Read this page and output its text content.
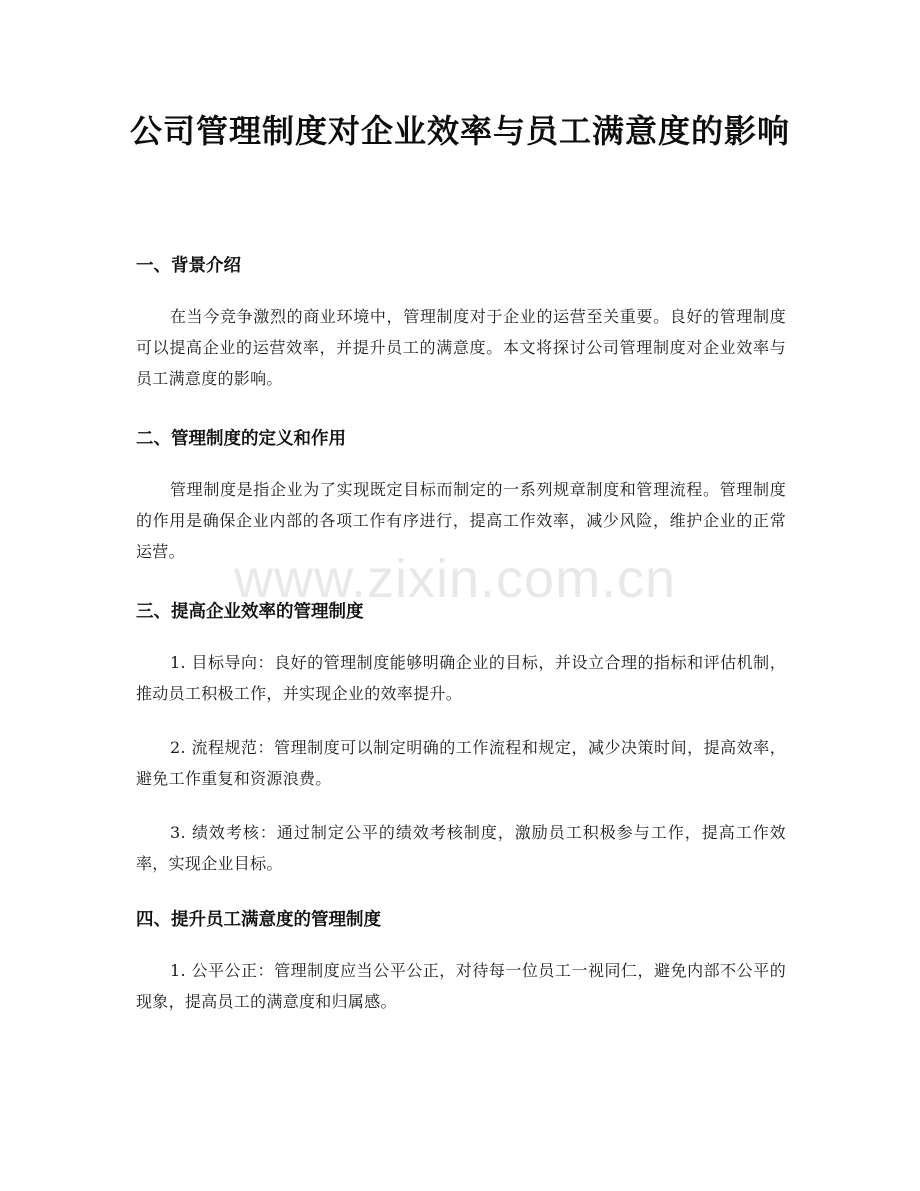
公司管理制度对企业效率与员工满意度的影响
一、背景介绍

在当今竞争激烈的商业环境中，管理制度对于企业的运营至关重要。良好的管理制度可以提高企业的运营效率，并提升员工的满意度。本文将探讨公司管理制度对企业效率与员工满意度的影响。

二、管理制度的定义和作用

管理制度是指企业为了实现既定目标而制定的一系列规章制度和管理流程。管理制度的作用是确保企业内部的各项工作有序进行，提高工作效率，减少风险，维护企业的正常运营。

三、提高企业效率的管理制度

1. 目标导向：良好的管理制度能够明确企业的目标，并设立合理的指标和评估机制，推动员工积极工作，并实现企业的效率提升。

2. 流程规范：管理制度可以制定明确的工作流程和规定，减少决策时间，提高效率，避免工作重复和资源浪费。

3. 绩效考核：通过制定公平的绩效考核制度，激励员工积极参与工作，提高工作效率，实现企业目标。

四、提升员工满意度的管理制度

1. 公平公正：管理制度应当公平公正，对待每一位员工一视同仁，避免内部不公平的现象，提高员工的满意度和归属感。

www.zixin.com.cn
